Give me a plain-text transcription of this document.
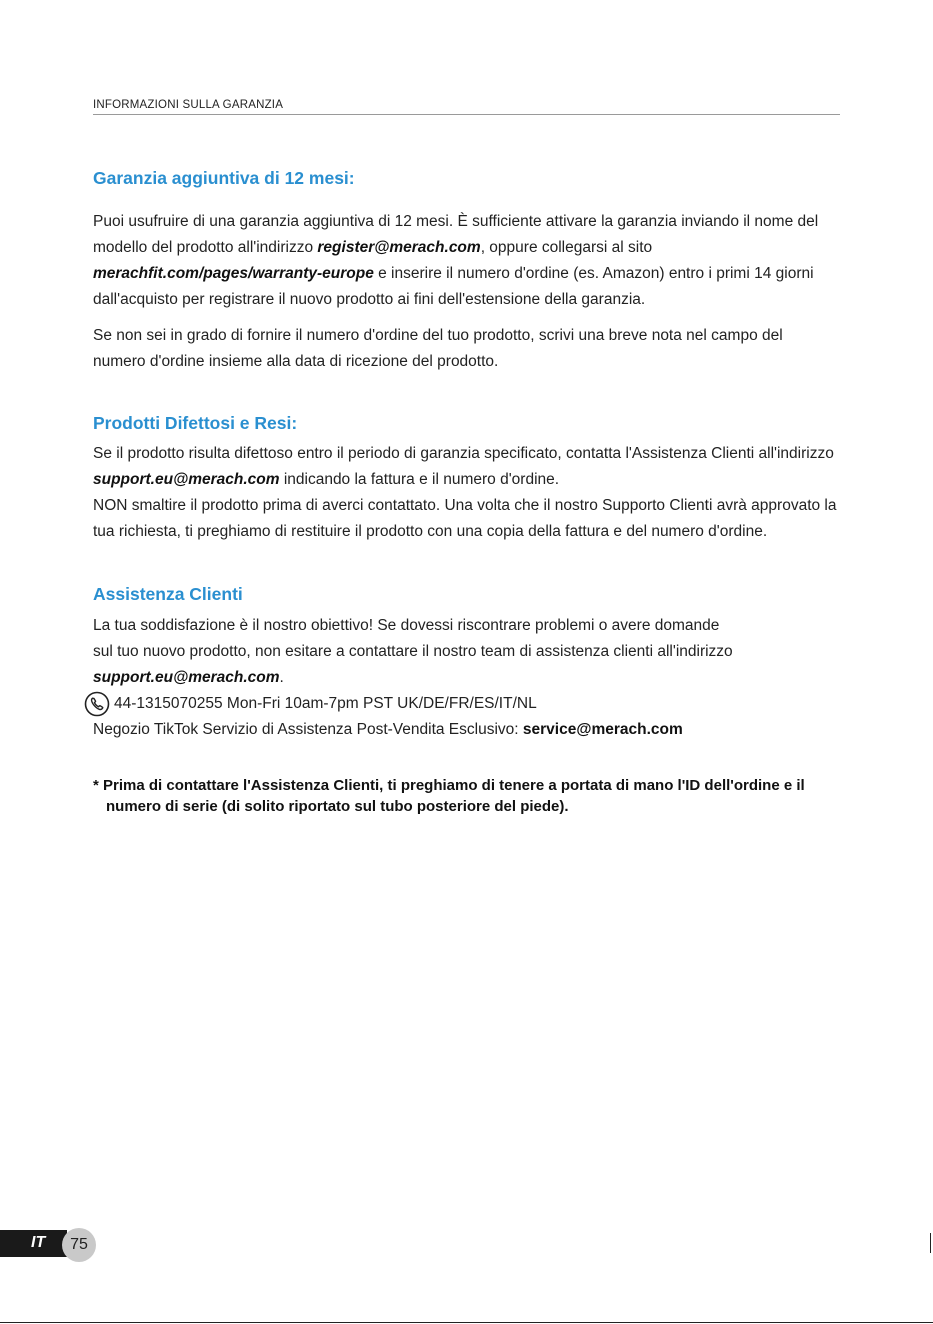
INFORMAZIONI SULLA GARANZIA
Garanzia aggiuntiva di 12 mesi:

Puoi usufruire di una garanzia aggiuntiva di 12 mesi. È sufficiente attivare la garanzia inviando il nome del modello del prodotto all'indirizzo register@merach.com, oppure collegarsi al sito merachfit.com/pages/warranty-europe e inserire il numero d'ordine (es. Amazon) entro i primi 14 giorni dall'acquisto per registrare il nuovo prodotto ai fini dell'estensione della garanzia.

Se non sei in grado di fornire il numero d'ordine del tuo prodotto, scrivi una breve nota nel campo del numero d'ordine insieme alla data di ricezione del prodotto.

Prodotti Difettosi e Resi:

Se il prodotto risulta difettoso entro il periodo di garanzia specificato, contatta l'Assistenza Clienti all'indirizzo support.eu@merach.com indicando la fattura e il numero d'ordine.

NON smaltire il prodotto prima di averci contattato. Una volta che il nostro Supporto Clienti avrà approvato la tua richiesta, ti preghiamo di restituire il prodotto con una copia della fattura e del numero d'ordine.

Assistenza Clienti

La tua soddisfazione è il nostro obiettivo! Se dovessi riscontrare problemi o avere domande

sul tuo nuovo prodotto, non esitare a contattare il nostro team di assistenza clienti all'indirizzo

support.eu@merach.com.

44-1315070255 Mon-Fri 10am-7pm PST UK/DE/FR/ES/IT/NL

Negozio TikTok Servizio di Assistenza Post-Vendita Esclusivo: service@merach.com

* Prima di contattare l'Assistenza Clienti, ti preghiamo di tenere a portata di mano l'ID dell'ordine e il numero di serie (di solito riportato sul tubo posteriore del piede).

IT 75
